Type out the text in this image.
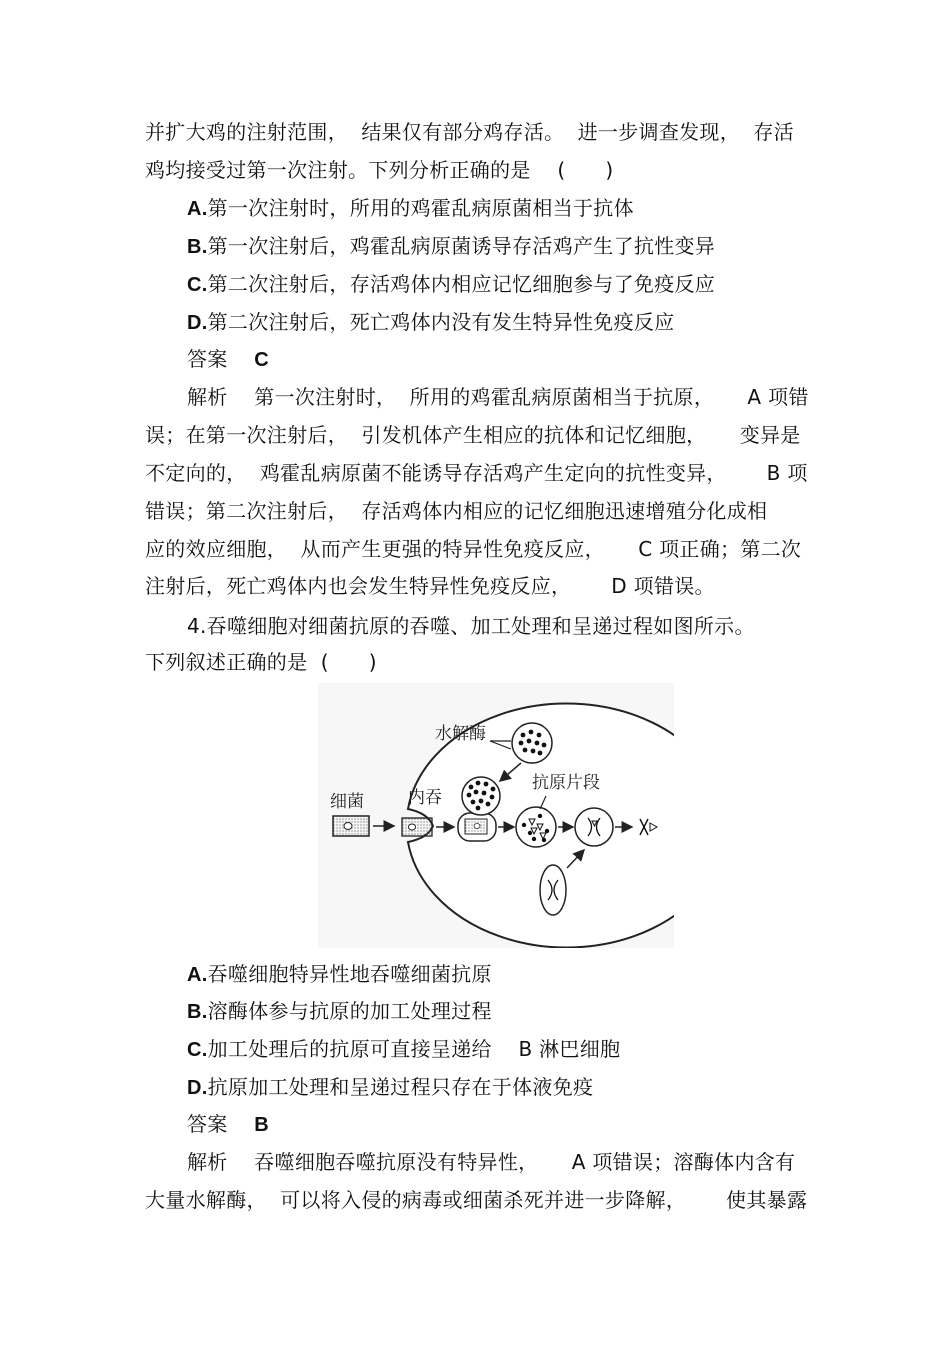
并扩大鸡的注射范围，  结果仅有部分鸡存活。  进一步调查发现，  存活
鸡均接受过第一次注射。下列分析正确的是    (      )
A.第一次注射时，所用的鸡霍乱病原菌相当于抗体
B.第一次注射后，鸡霍乱病原菌诱导存活鸡产生了抗性变异
C.第二次注射后，存活鸡体内相应记忆细胞参与了免疫反应
D.第二次注射后，死亡鸡体内没有发生特异性免疫反应
答案 C
解析    第一次注射时，  所用的鸡霍乱病原菌相当于抗原，     A 项错
误；在第一次注射后，  引发机体产生相应的抗体和记忆细胞，     变异是
不定向的，  鸡霍乱病原菌不能诱导存活鸡产生定向的抗性变异，      B 项
错误；第二次注射后，  存活鸡体内相应的记忆细胞迅速增殖分化成相
应的效应细胞，  从而产生更强的特异性免疫反应，     C 项正确；第二次
注射后，死亡鸡体内也会发生特异性免疫反应，      D 项错误。
4.吞噬细胞对细菌抗原的吞噬、加工处理和呈递过程如图所示。
下列叙述正确的是  (      )
水解酶
细菌	内吞
抗原片段
A.吞噬细胞特异性地吞噬细菌抗原
B.溶酶体参与抗原的加工处理过程
C.加工处理后的抗原可直接呈递给    B 淋巴细胞
D.抗原加工处理和呈递过程只存在于体液免疫
答案 B
解析    吞噬细胞吞噬抗原没有特异性，     A 项错误；溶酶体内含有
大量水解酶，  可以将入侵的病毒或细菌杀死并进一步降解，      使其暴露
